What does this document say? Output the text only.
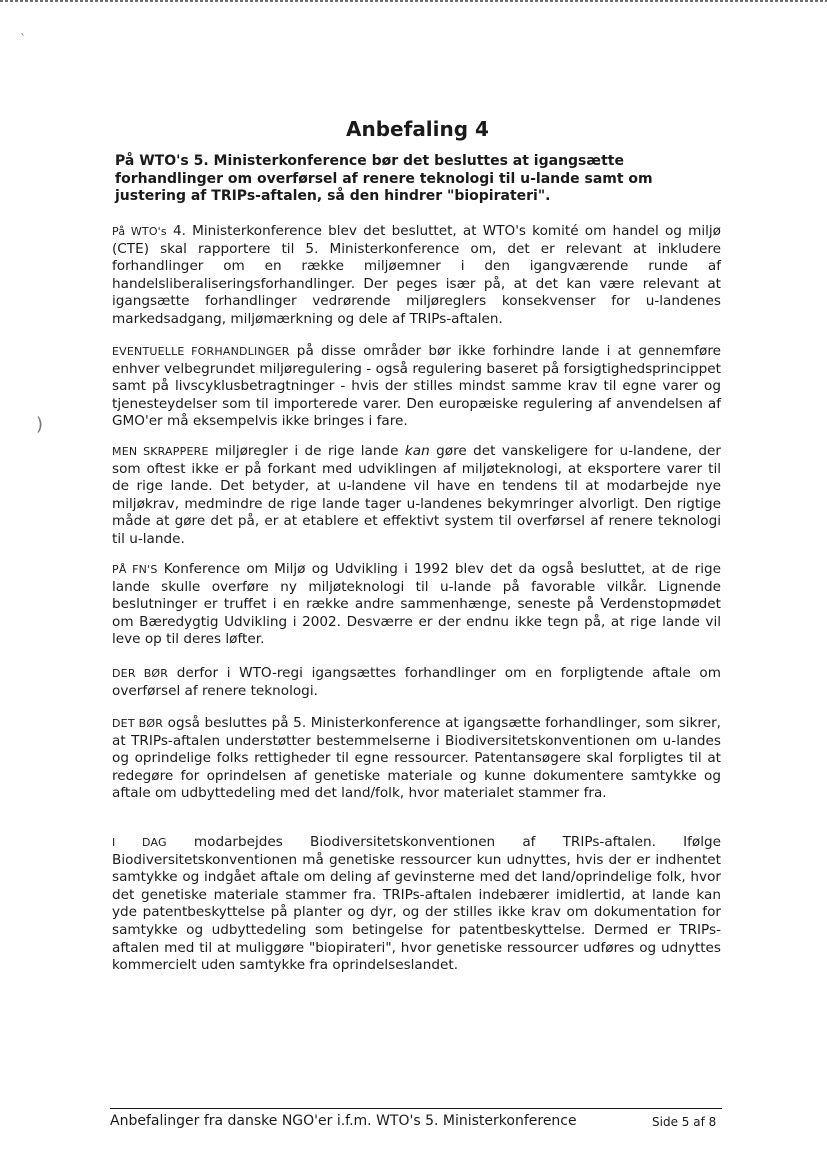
`
)
Anbefaling 4

På WTO's 5. Ministerkonference bør det besluttes at igangsætte forhandlinger om overførsel af renere teknologi til u-lande samt om justering af TRIPs-aftalen, så den hindrer "biopirateri".

På WTO's 4. Ministerkonference blev det besluttet, at WTO's komité om handel og miljø (CTE) skal rapportere til 5. Ministerkonference om, det er relevant at inkludere forhandlinger om en række miljøemner i den igangværende runde af handelsliberaliseringsforhandlinger. Der peges især på, at det kan være relevant at igangsætte forhandlinger vedrørende miljøreglers konsekvenser for u-landenes markedsadgang, miljømærkning og dele af TRIPs-aftalen.

EVENTUELLE FORHANDLINGER på disse områder bør ikke forhindre lande i at gennemføre enhver velbegrundet miljøregulering - også regulering baseret på forsigtighedsprincippet samt på livscyklusbetragtninger - hvis der stilles mindst samme krav til egne varer og tjenesteydelser som til importerede varer. Den europæiske regulering af anvendelsen af GMO'er må eksempelvis ikke bringes i fare.

MEN SKRAPPERE miljøregler i de rige lande kan gøre det vanskeligere for u-landene, der som oftest ikke er på forkant med udviklingen af miljøteknologi, at eksportere varer til de rige lande. Det betyder, at u-landene vil have en tendens til at modarbejde nye miljøkrav, medmindre de rige lande tager u-landenes bekymringer alvorligt. Den rigtige måde at gøre det på, er at etablere et effektivt system til overførsel af renere teknologi til u-lande.

PÅ FN'S Konference om Miljø og Udvikling i 1992 blev det da også besluttet, at de rige lande skulle overføre ny miljøteknologi til u-lande på favorable vilkår. Lignende beslutninger er truffet i en række andre sammenhænge, seneste på Verdenstopmødet om Bæredygtig Udvikling i 2002. Desværre er der endnu ikke tegn på, at rige lande vil leve op til deres løfter.

DER BØR derfor i WTO-regi igangsættes forhandlinger om en forpligtende aftale om overførsel af renere teknologi.

DET BØR også besluttes på 5. Ministerkonference at igangsætte forhandlinger, som sikrer, at TRIPs-aftalen understøtter bestemmelserne i Biodiversitetskonventionen om u-landes og oprindelige folks rettigheder til egne ressourcer. Patentansøgere skal forpligtes til at redegøre for oprindelsen af genetiske materiale og kunne dokumentere samtykke og aftale om udbyttedeling med det land/folk, hvor materialet stammer fra.

I DAG modarbejdes Biodiversitetskonventionen af TRIPs-aftalen. Ifølge Biodiversitetskonventionen må genetiske ressourcer kun udnyttes, hvis der er indhentet samtykke og indgået aftale om deling af gevinsterne med det land/oprindelige folk, hvor det genetiske materiale stammer fra. TRIPs-aftalen indebærer imidlertid, at lande kan yde patentbeskyttelse på planter og dyr, og der stilles ikke krav om dokumentation for samtykke og udbyttedeling som betingelse for patentbeskyttelse. Dermed er TRIPs-aftalen med til at muliggøre "biopirateri", hvor genetiske ressourcer udføres og udnyttes kommercielt uden samtykke fra oprindelseslandet.

Anbefalinger fra danske NGO'er i.f.m. WTO's 5. Ministerkonference	Side 5 af 8
